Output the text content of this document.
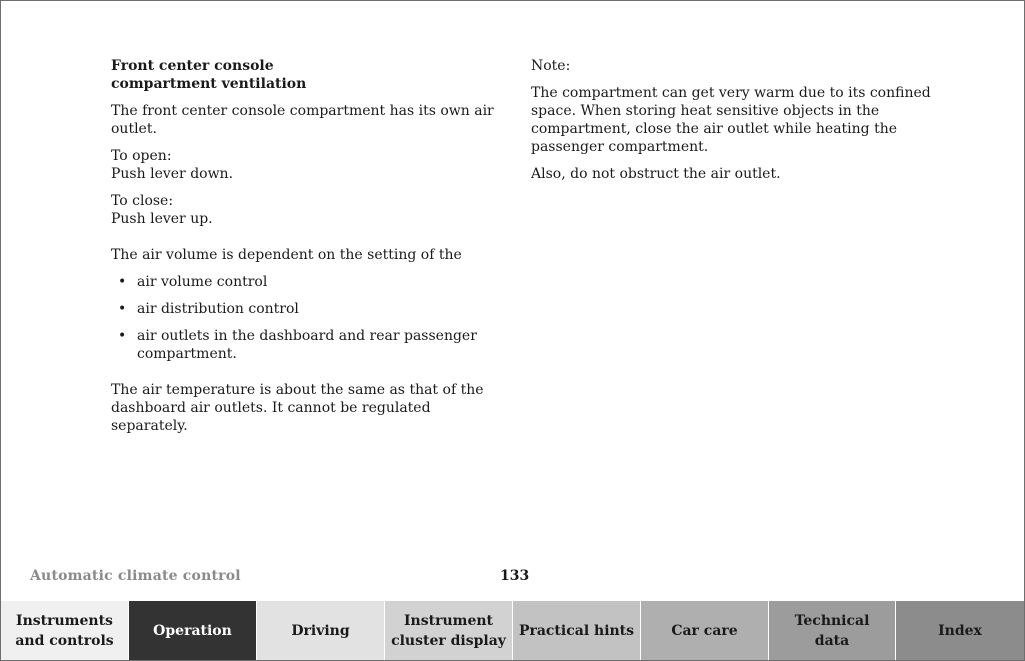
Front center console
compartment ventilation

The front center console compartment has its own air
outlet.

To open:
Push lever down.

To close:
Push lever up.

The air volume is dependent on the setting of the

• air volume control
• air distribution control
• air outlets in the dashboard and rear passenger
compartment.

The air temperature is about the same as that of the
dashboard air outlets. It cannot be regulated separately.

Note:

The compartment can get very warm due to its confined
space. When storing heat sensitive objects in the
compartment, close the air outlet while heating the
passenger compartment.

Also, do not obstruct the air outlet.

Automatic climate control	133
Instruments
and controls
Operation	Driving
Instrument
cluster display
Practical hints	Car care
Technical
data
Index
